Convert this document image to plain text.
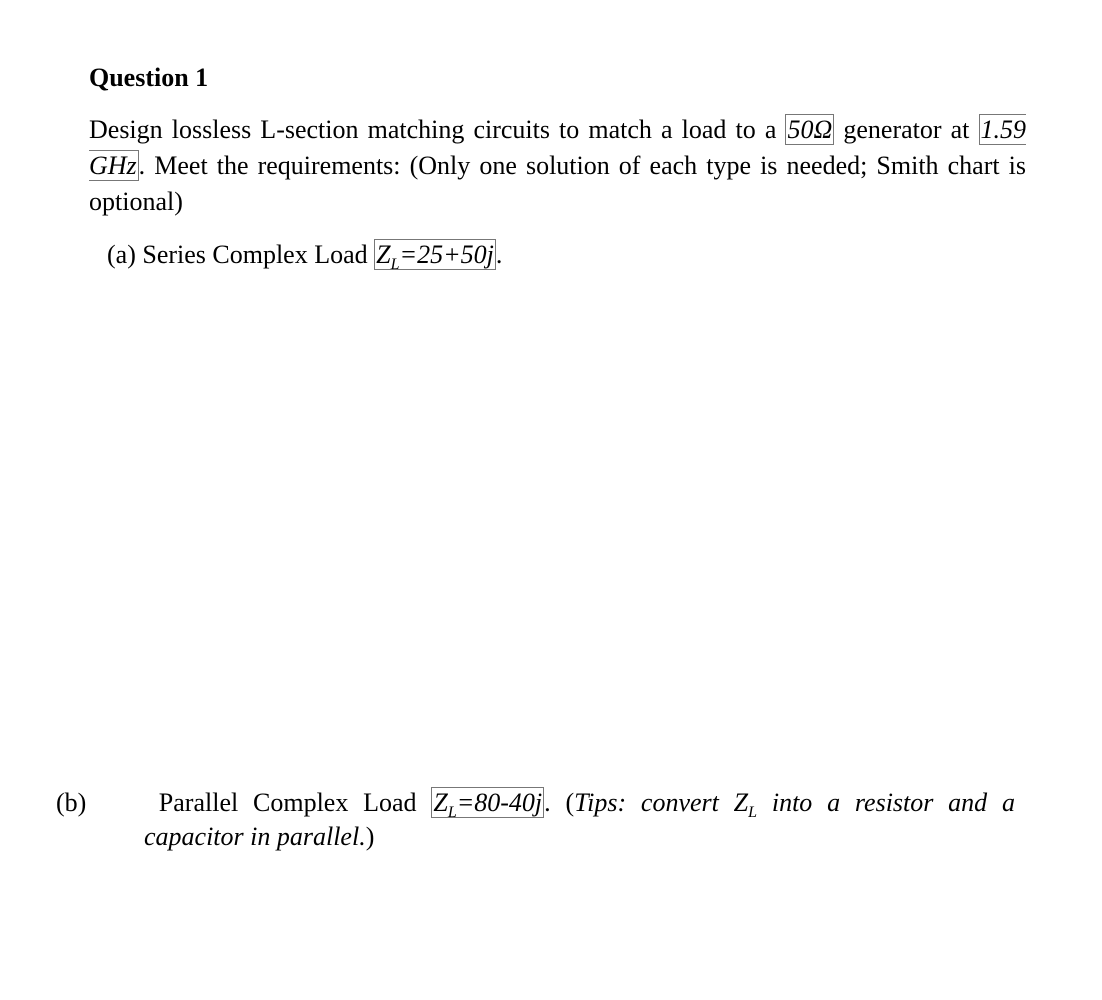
Question 1

Design lossless L-section matching circuits to match a load to a 50Ω generator at 1.59 GHz. Meet the requirements: (Only one solution of each type is needed; Smith chart is optional)

(a) Series Complex Load $Z_L=25+50j$.

(b) Parallel Complex Load $Z_L=80-40j$. (Tips: convert $Z_L$ into a resistor and a capacitor in parallel.)
